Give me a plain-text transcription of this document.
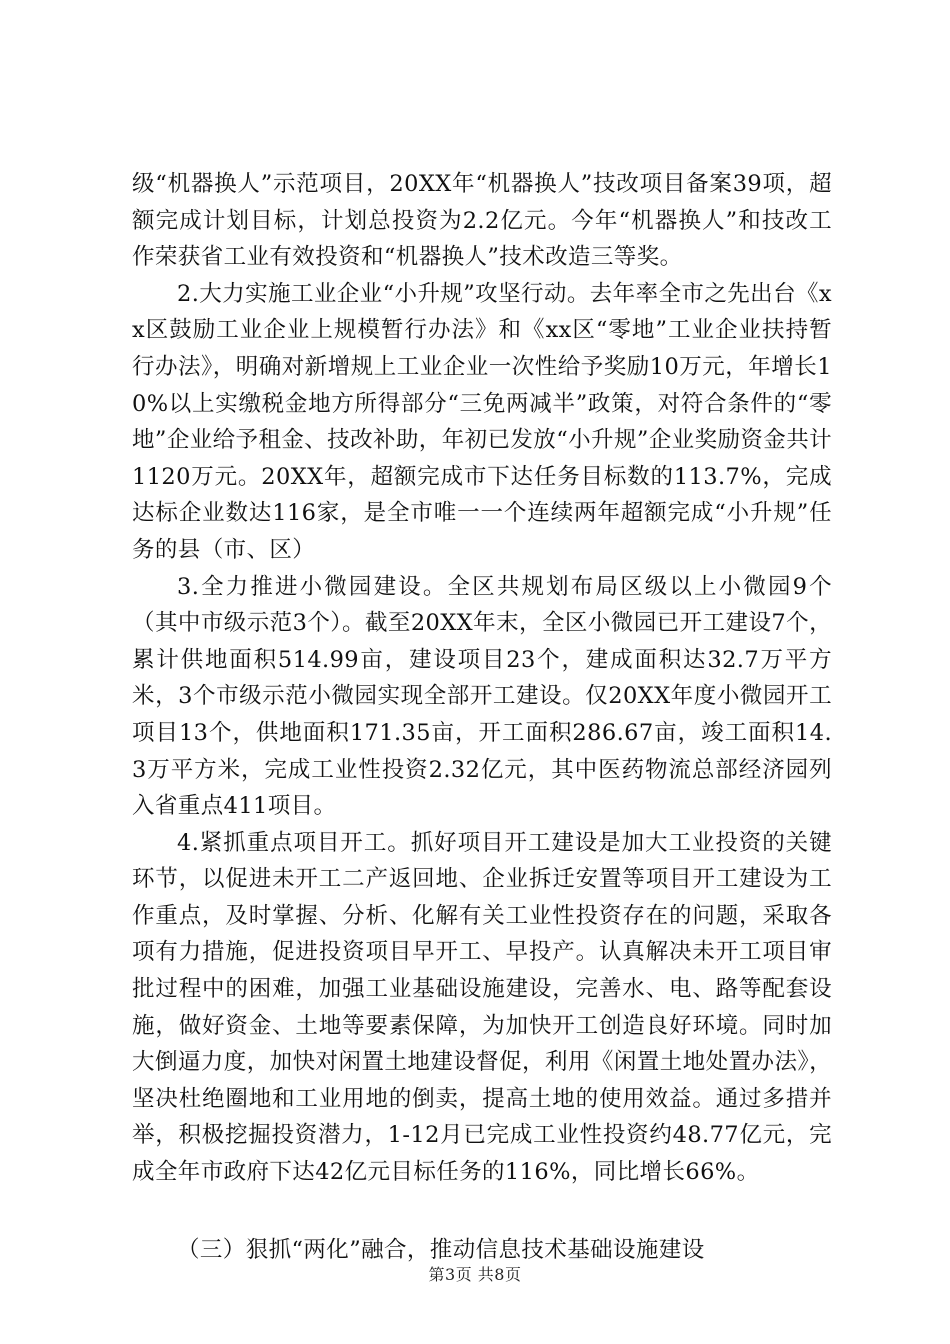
级“机器换人”示范项目，20XX年“机器换人”技改项目备案39项，超额完成计划目标，计划总投资为2.2亿元。今年“机器换人”和技改工作荣获省工业有效投资和“机器换人”技术改造三等奖。

2.大力实施工业企业“小升规”攻坚行动。去年率全市之先出台《xx区鼓励工业企业上规模暂行办法》和《xx区“零地”工业企业扶持暂行办法》，明确对新增规上工业企业一次性给予奖励10万元，年增长10%以上实缴税金地方所得部分“三免两减半”政策，对符合条件的“零地”企业给予租金、技改补助，年初已发放“小升规”企业奖励资金共计1120万元。20XX年，超额完成市下达任务目标数的113.7%，完成达标企业数达116家，是全市唯一一个连续两年超额完成“小升规”任务的县（市、区）

3.全力推进小微园建设。全区共规划布局区级以上小微园9个（其中市级示范3个）。截至20XX年末，全区小微园已开工建设7个，累计供地面积514.99亩，建设项目23个，建成面积达32.7万平方米，3个市级示范小微园实现全部开工建设。仅20XX年度小微园开工项目13个，供地面积171.35亩，开工面积286.67亩，竣工面积14.3万平方米，完成工业性投资2.32亿元，其中医药物流总部经济园列入省重点411项目。

4.紧抓重点项目开工。抓好项目开工建设是加大工业投资的关键环节，以促进未开工二产返回地、企业拆迁安置等项目开工建设为工作重点，及时掌握、分析、化解有关工业性投资存在的问题，采取各项有力措施，促进投资项目早开工、早投产。认真解决未开工项目审批过程中的困难，加强工业基础设施建设，完善水、电、路等配套设施，做好资金、土地等要素保障，为加快开工创造良好环境。同时加大倒逼力度，加快对闲置土地建设督促，利用《闲置土地处置办法》，坚决杜绝圈地和工业用地的倒卖，提高土地的使用效益。通过多措并举，积极挖掘投资潜力，1-12月已完成工业性投资约48.77亿元，完成全年市政府下达42亿元目标任务的116%，同比增长66%。

（三）狠抓“两化”融合，推动信息技术基础设施建设

第3页 共8页
